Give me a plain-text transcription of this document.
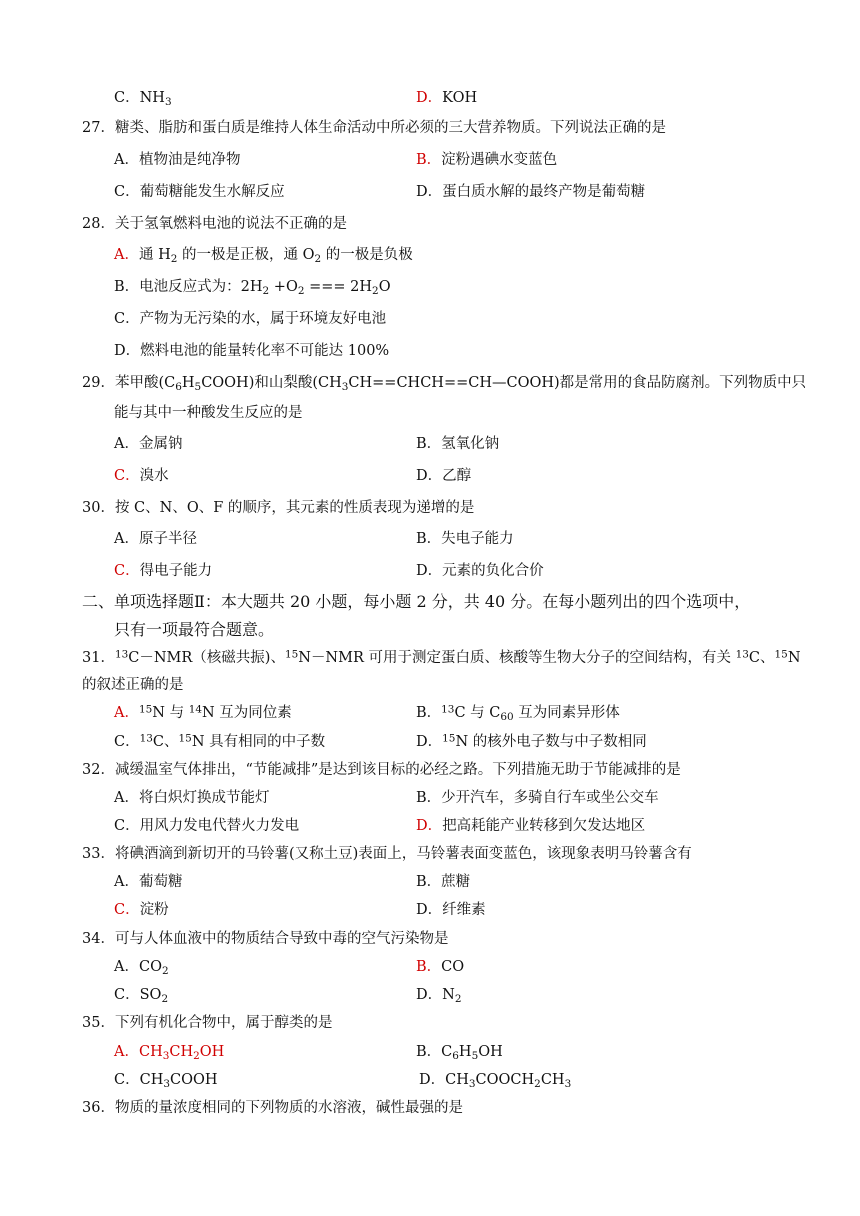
C．$NH_3$	D．KOH
27．糖类、脂肪和蛋白质是维持人体生命活动中所必须的三大营养物质。下列说法正确的是
A．植物油是纯净物	B．淀粉遇碘水变蓝色
C．葡萄糖能发生水解反应	D．蛋白质水解的最终产物是葡萄糖
28．关于氢氧燃料电池的说法不正确的是
A．通 $H_2$ 的一极是正极，通 $O_2$ 的一极是负极
B．电池反应式为：$2H_2 +O_2$ === $2H_2O$
C．产物为无污染的水，属于环境友好电池
D．燃料电池的能量转化率不可能达 100%
29．苯甲酸$(C_6H_5COOH)$和山梨酸$(CH_3CH==CHCH==CH—COOH)$都是常用的食品防腐剂。下列物质中只
能与其中一种酸发生反应的是
A．金属钠	B．氢氧化钠
C．溴水	D．乙醇
30．按 C、N、O、F 的顺序，其元素的性质表现为递增的是
A．原子半径	B．失电子能力
C．得电子能力	D．元素的负化合价
二、单项选择题Ⅱ：本大题共 20 小题，每小题 2 分，共 40 分。在每小题列出的四个选项中，
只有一项最符合题意。
31．$^{13}$C－NMR（核磁共振)、$^{15}$N－NMR 可用于测定蛋白质、核酸等生物大分子的空间结构，有关 $^{13}$C、$^{15}$N
的叙述正确的是
A．$^{15}$N 与 $^{14}$N 互为同位素	B．$^{13}$C 与 $C_{60}$ 互为同素异形体
C．$^{13}$C、$^{15}$N 具有相同的中子数	D．$^{15}$N 的核外电子数与中子数相同
32．减缓温室气体排出，“节能减排”是达到该目标的必经之路。下列措施无助于节能减排的是
A．将白炽灯换成节能灯	B．少开汽车，多骑自行车或坐公交车
C．用风力发电代替火力发电	D．把高耗能产业转移到欠发达地区
33．将碘酒滴到新切开的马铃薯(又称土豆)表面上，马铃薯表面变蓝色，该现象表明马铃薯含有
A．葡萄糖	B．蔗糖
C．淀粉	D．纤维素
34．可与人体血液中的物质结合导致中毒的空气污染物是
A．$CO_2$	B．CO
C．$SO_2$	D．$N_2$
35．下列有机化合物中，属于醇类的是
A．$CH_3CH_2OH$	B．$C_6H_5OH$
C．$CH_3COOH$	D．$CH_3COOCH_2CH_3$
36．物质的量浓度相同的下列物质的水溶液，碱性最强的是
